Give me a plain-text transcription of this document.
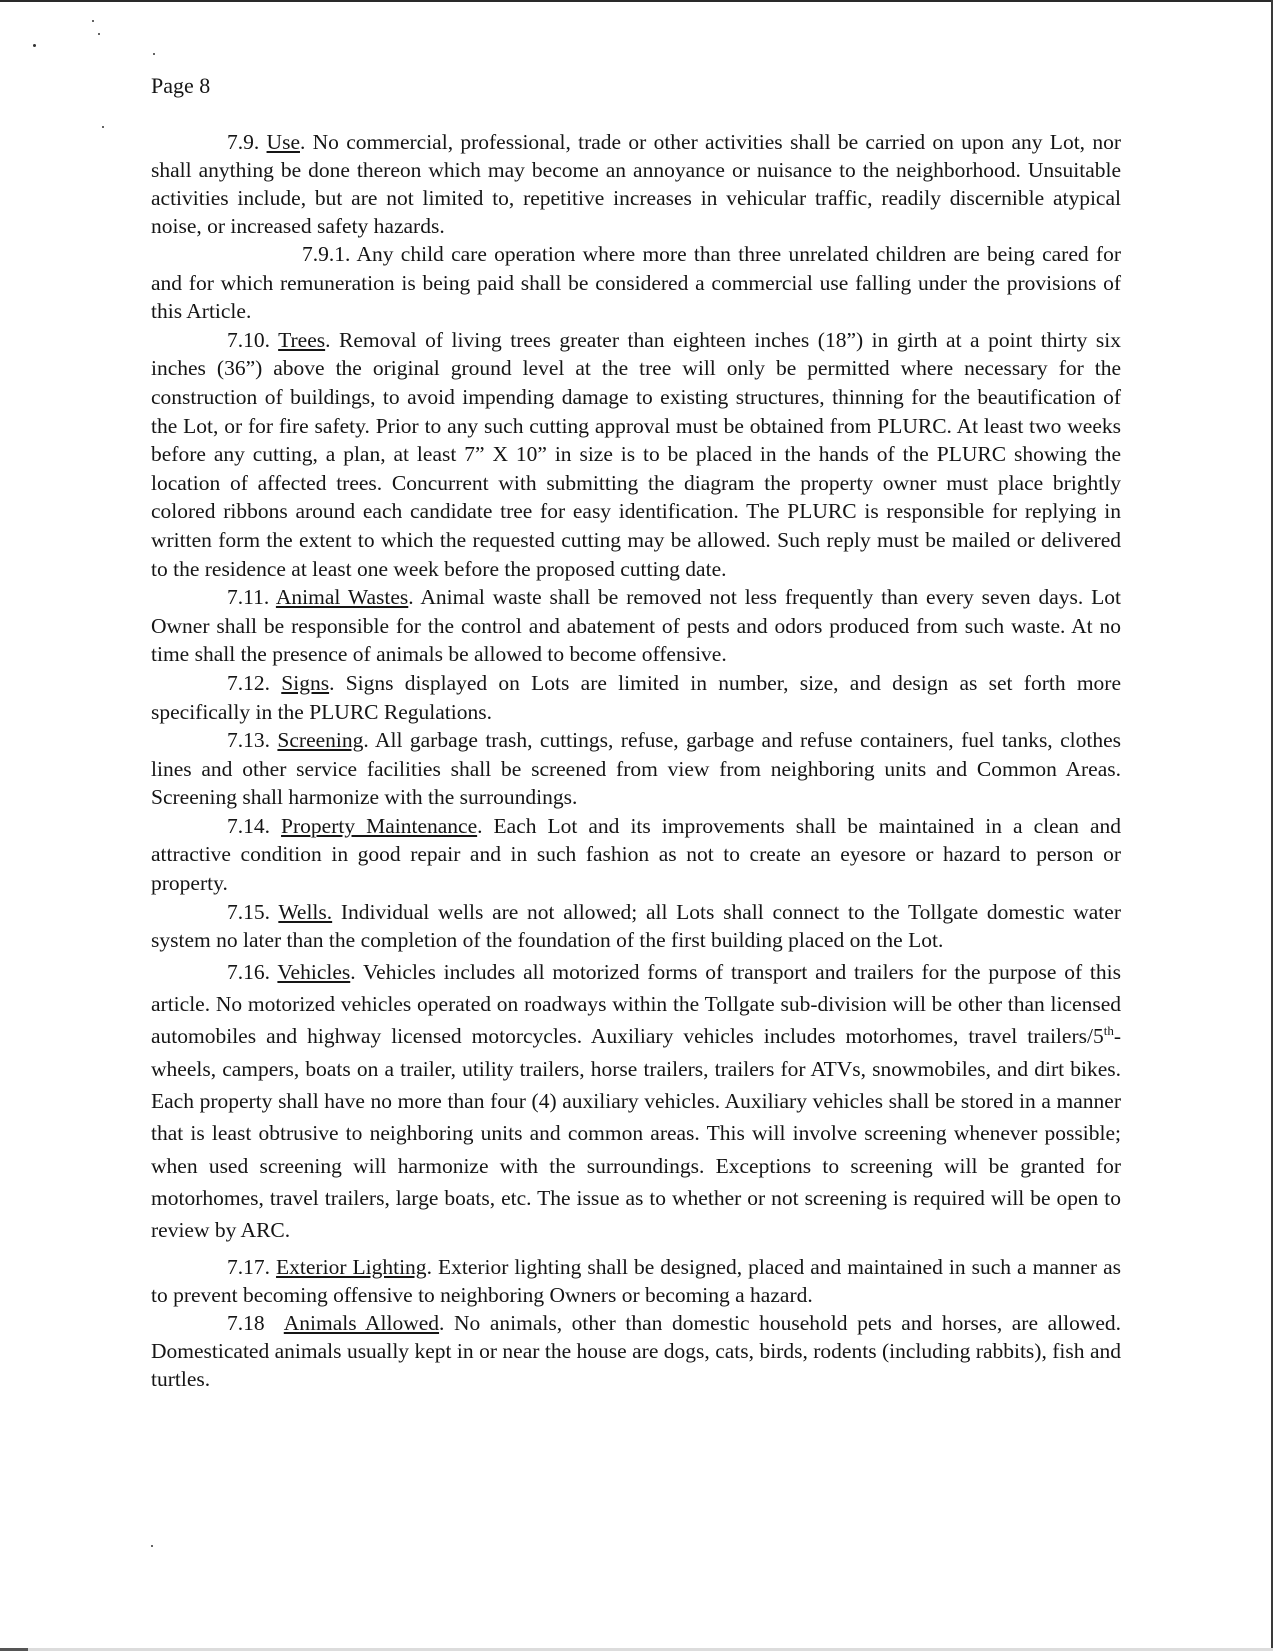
Page 8

7.9. Use. No commercial, professional, trade or other activities shall be carried on upon any Lot, nor shall anything be done thereon which may become an annoyance or nuisance to the neighborhood. Unsuitable activities include, but are not limited to, repetitive increases in vehicular traffic, readily discernible atypical noise, or increased safety hazards.

7.9.1. Any child care operation where more than three unrelated children are being cared for and for which remuneration is being paid shall be considered a commercial use falling under the provisions of this Article.

7.10. Trees. Removal of living trees greater than eighteen inches (18”) in girth at a point thirty six inches (36”) above the original ground level at the tree will only be permitted where necessary for the construction of buildings, to avoid impending damage to existing structures, thinning for the beautification of the Lot, or for fire safety. Prior to any such cutting approval must be obtained from PLURC. At least two weeks before any cutting, a plan, at least 7” X 10” in size is to be placed in the hands of the PLURC showing the location of affected trees. Concurrent with submitting the diagram the property owner must place brightly colored ribbons around each candidate tree for easy identification. The PLURC is responsible for replying in written form the extent to which the requested cutting may be allowed. Such reply must be mailed or delivered to the residence at least one week before the proposed cutting date.

7.11. Animal Wastes. Animal waste shall be removed not less frequently than every seven days. Lot Owner shall be responsible for the control and abatement of pests and odors produced from such waste. At no time shall the presence of animals be allowed to become offensive.

7.12. Signs. Signs displayed on Lots are limited in number, size, and design as set forth more specifically in the PLURC Regulations.

7.13. Screening. All garbage trash, cuttings, refuse, garbage and refuse containers, fuel tanks, clothes lines and other service facilities shall be screened from view from neighboring units and Common Areas. Screening shall harmonize with the surroundings.

7.14. Property Maintenance. Each Lot and its improvements shall be maintained in a clean and attractive condition in good repair and in such fashion as not to create an eyesore or hazard to person or property.

7.15. Wells. Individual wells are not allowed; all Lots shall connect to the Tollgate domestic water system no later than the completion of the foundation of the first building placed on the Lot.

7.16. Vehicles. Vehicles includes all motorized forms of transport and trailers for the purpose of this article. No motorized vehicles operated on roadways within the Tollgate sub-division will be other than licensed automobiles and highway licensed motorcycles. Auxiliary vehicles includes motorhomes, travel trailers/5th-wheels, campers, boats on a trailer, utility trailers, horse trailers, trailers for ATVs, snowmobiles, and dirt bikes. Each property shall have no more than four (4) auxiliary vehicles. Auxiliary vehicles shall be stored in a manner that is least obtrusive to neighboring units and common areas. This will involve screening whenever possible; when used screening will harmonize with the surroundings. Exceptions to screening will be granted for motorhomes, travel trailers, large boats, etc. The issue as to whether or not screening is required will be open to review by ARC.

7.17. Exterior Lighting. Exterior lighting shall be designed, placed and maintained in such a manner as to prevent becoming offensive to neighboring Owners or becoming a hazard.

7.18 Animals Allowed. No animals, other than domestic household pets and horses, are allowed. Domesticated animals usually kept in or near the house are dogs, cats, birds, rodents (including rabbits), fish and turtles.
